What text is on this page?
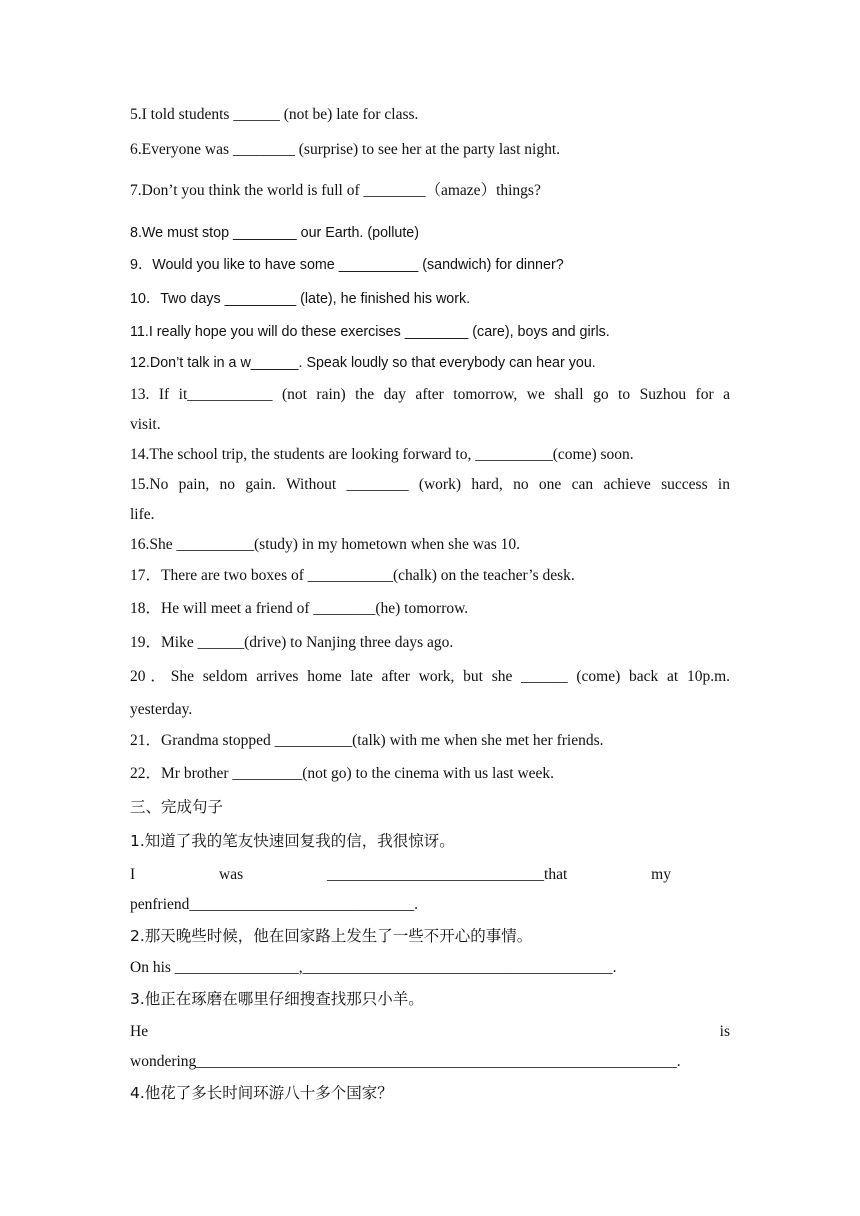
5.I told students ______ (not be) late for class.
6.Everyone was ________ (surprise) to see her at the party last night.
7.Don’t you think the world is full of ________（amaze）things?
8.We must stop ________ our Earth. (pollute)
9．Would you like to have some __________ (sandwich) for dinner?
10．Two days _________ (late), he finished his work.
11.I really hope you will do these exercises ________ (care), boys and girls.
12.Don’t talk in a w______. Speak loudly so that everybody can hear you.
13. If it___________ (not rain) the day after tomorrow, we shall go to Suzhou for a
visit.
14.The school trip, the students are looking forward to, __________(come) soon.
15.No pain, no gain. Without ________ (work) hard, no one can achieve success in
life.
16.She __________(study) in my hometown when she was 10.
17．There are two boxes of ___________(chalk) on the teacher’s desk.
18．He will meet a friend of ________(he) tomorrow.
19．Mike ______(drive) to Nanjing three days ago.
20．She seldom arrives home late after work, but she ______ (come) back at 10p.m.
yesterday.
21．Grandma stopped __________(talk) with me when she met her friends.
22．Mr brother _________(not go) to the cinema with us last week.
三、完成句子
1.知道了我的笔友快速回复我的信，我很惊讶。
I was ____________________________that my
penfriend_____________________________.
2.那天晚些时候，他在回家路上发生了一些不开心的事情。
On his ________________,________________________________________.
3.他正在琢磨在哪里仔细搜查找那只小羊。
He is
wondering______________________________________________________________.
4.他花了多长时间环游八十多个国家？
